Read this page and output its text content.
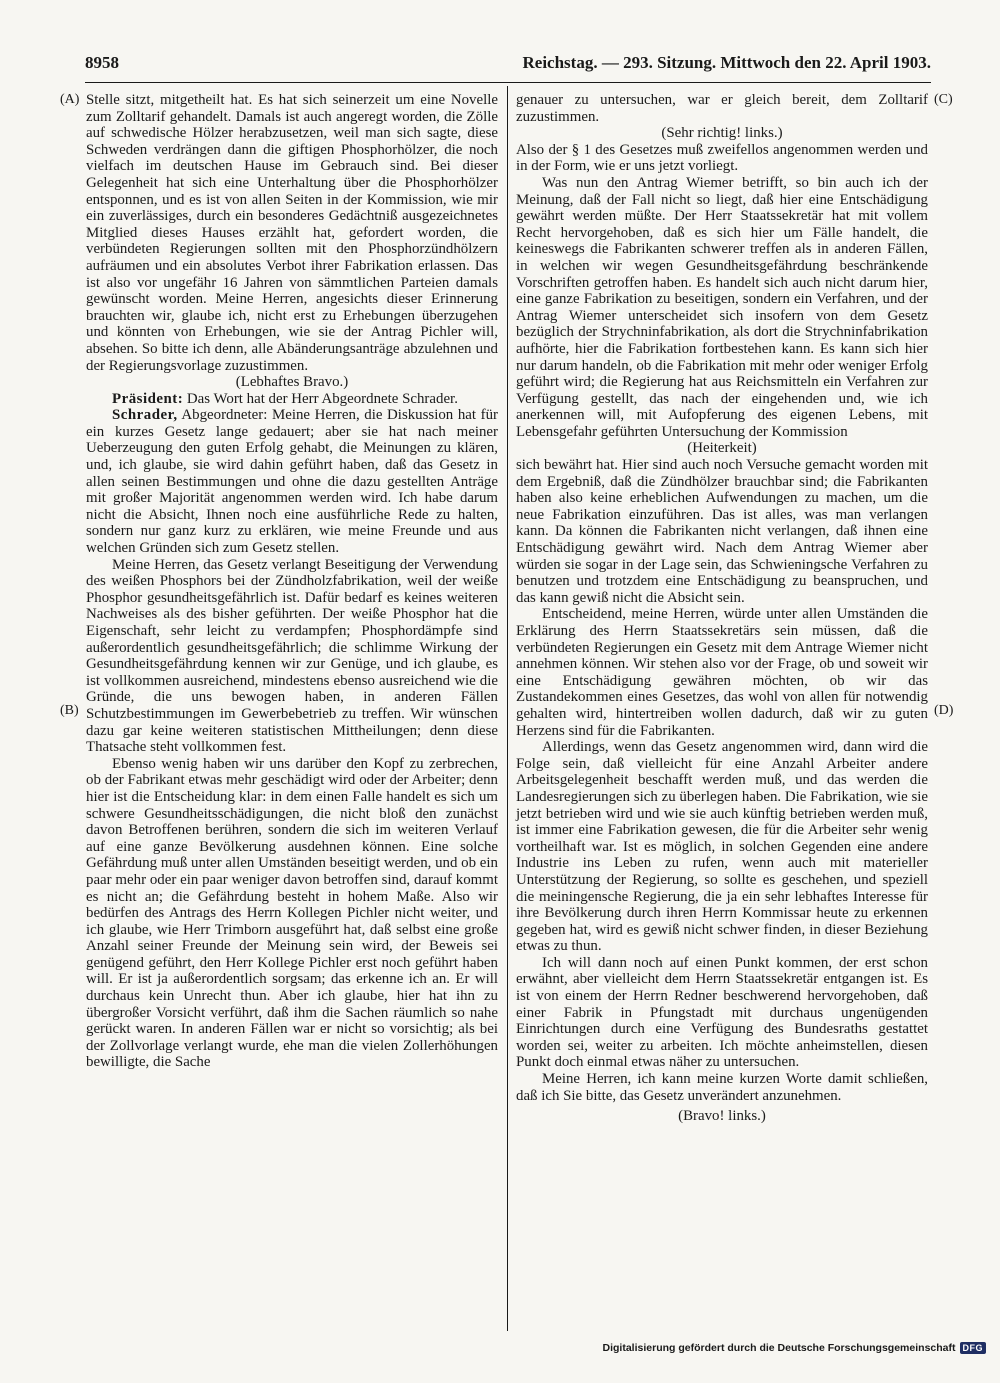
8958	Reichstag. — 293. Sitzung. Mittwoch den 22. April 1903.
(A)
(B)
(C)
(D)

Stelle sitzt, mitgetheilt hat. Es hat sich seinerzeit um eine Novelle zum Zolltarif gehandelt. Damals ist auch angeregt worden, die Zölle auf schwedische Hölzer herabzusetzen, weil man sich sagte, diese Schweden verdrängen dann die giftigen Phosphorhölzer, die noch vielfach im deutschen Hause im Gebrauch sind. Bei dieser Gelegenheit hat sich eine Unterhaltung über die Phosphorhölzer entsponnen, und es ist von allen Seiten in der Kommission, wie mir ein zuverlässiges, durch ein besonderes Gedächtniß ausgezeichnetes Mitglied dieses Hauses erzählt hat, gefordert worden, die verbündeten Regierungen sollten mit den Phosphorzündhölzern aufräumen und ein absolutes Verbot ihrer Fabrikation erlassen. Das ist also vor ungefähr 16 Jahren von sämmtlichen Parteien damals gewünscht worden. Meine Herren, angesichts dieser Erinnerung brauchten wir, glaube ich, nicht erst zu Erhebungen überzugehen und könnten von Erhebungen, wie sie der Antrag Pichler will, absehen. So bitte ich denn, alle Abänderungsanträge abzulehnen und der Regierungsvorlage zuzustimmen.

(Lebhaftes Bravo.)

Präsident: Das Wort hat der Herr Abgeordnete Schrader.

Schrader, Abgeordneter: Meine Herren, die Diskussion hat für ein kurzes Gesetz lange gedauert; aber sie hat nach meiner Ueberzeugung den guten Erfolg gehabt, die Meinungen zu klären, und, ich glaube, sie wird dahin geführt haben, daß das Gesetz in allen seinen Bestimmungen und ohne die dazu gestellten Anträge mit großer Majorität angenommen werden wird. Ich habe darum nicht die Absicht, Ihnen noch eine ausführliche Rede zu halten, sondern nur ganz kurz zu erklären, wie meine Freunde und aus welchen Gründen sich zum Gesetz stellen.

Meine Herren, das Gesetz verlangt Beseitigung der Verwendung des weißen Phosphors bei der Zündholzfabrikation, weil der weiße Phosphor gesundheitsgefährlich ist. Dafür bedarf es keines weiteren Nachweises als des bisher geführten. Der weiße Phosphor hat die Eigenschaft, sehr leicht zu verdampfen; Phosphordämpfe sind außerordentlich gesundheitsgefährlich; die schlimme Wirkung der Gesundheitsgefährdung kennen wir zur Genüge, und ich glaube, es ist vollkommen ausreichend, mindestens ebenso ausreichend wie die Gründe, die uns bewogen haben, in anderen Fällen Schutzbestimmungen im Gewerbebetrieb zu treffen. Wir wünschen dazu gar keine weiteren statistischen Mittheilungen; denn diese Thatsache steht vollkommen fest.

Ebenso wenig haben wir uns darüber den Kopf zu zerbrechen, ob der Fabrikant etwas mehr geschädigt wird oder der Arbeiter; denn hier ist die Entscheidung klar: in dem einen Falle handelt es sich um schwere Gesundheitsschädigungen, die nicht bloß den zunächst davon Betroffenen berühren, sondern die sich im weiteren Verlauf auf eine ganze Bevölkerung ausdehnen können. Eine solche Gefährdung muß unter allen Umständen beseitigt werden, und ob ein paar mehr oder ein paar weniger davon betroffen sind, darauf kommt es nicht an; die Gefährdung besteht in hohem Maße. Also wir bedürfen des Antrags des Herrn Kollegen Pichler nicht weiter, und ich glaube, wie Herr Trimborn ausgeführt hat, daß selbst eine große Anzahl seiner Freunde der Meinung sein wird, der Beweis sei genügend geführt, den Herr Kollege Pichler erst noch geführt haben will. Er ist ja außerordentlich sorgsam; das erkenne ich an. Er will durchaus kein Unrecht thun. Aber ich glaube, hier hat ihn zu übergroßer Vorsicht verführt, daß ihm die Sachen räumlich so nahe gerückt waren. In anderen Fällen war er nicht so vorsichtig; als bei der Zollvorlage verlangt wurde, ehe man die vielen Zollerhöhungen bewilligte, die Sache

genauer zu untersuchen, war er gleich bereit, dem Zolltarif zuzustimmen.

(Sehr richtig! links.)

Also der § 1 des Gesetzes muß zweifellos angenommen werden und in der Form, wie er uns jetzt vorliegt.

Was nun den Antrag Wiemer betrifft, so bin auch ich der Meinung, daß der Fall nicht so liegt, daß hier eine Entschädigung gewährt werden müßte. Der Herr Staatssekretär hat mit vollem Recht hervorgehoben, daß es sich hier um Fälle handelt, die keineswegs die Fabrikanten schwerer treffen als in anderen Fällen, in welchen wir wegen Gesundheitsgefährdung beschränkende Vorschriften getroffen haben. Es handelt sich auch nicht darum hier, eine ganze Fabrikation zu beseitigen, sondern ein Verfahren, und der Antrag Wiemer unterscheidet sich insofern von dem Gesetz bezüglich der Strychninfabrikation, als dort die Strychninfabrikation aufhörte, hier die Fabrikation fortbestehen kann. Es kann sich hier nur darum handeln, ob die Fabrikation mit mehr oder weniger Erfolg geführt wird; die Regierung hat aus Reichsmitteln ein Verfahren zur Verfügung gestellt, das nach der eingehenden und, wie ich anerkennen will, mit Aufopferung des eigenen Lebens, mit Lebensgefahr geführten Untersuchung der Kommission

(Heiterkeit)

sich bewährt hat. Hier sind auch noch Versuche gemacht worden mit dem Ergebniß, daß die Zündhölzer brauchbar sind; die Fabrikanten haben also keine erheblichen Aufwendungen zu machen, um die neue Fabrikation einzuführen. Das ist alles, was man verlangen kann. Da können die Fabrikanten nicht verlangen, daß ihnen eine Entschädigung gewährt wird. Nach dem Antrag Wiemer aber würden sie sogar in der Lage sein, das Schwieningsche Verfahren zu benutzen und trotzdem eine Entschädigung zu beanspruchen, und das kann gewiß nicht die Absicht sein.

Entscheidend, meine Herren, würde unter allen Umständen die Erklärung des Herrn Staatssekretärs sein müssen, daß die verbündeten Regierungen ein Gesetz mit dem Antrage Wiemer nicht annehmen können. Wir stehen also vor der Frage, ob und soweit wir eine Entschädigung gewähren möchten, ob wir das Zustandekommen eines Gesetzes, das wohl von allen für notwendig gehalten wird, hintertreiben wollen dadurch, daß wir zu guten Herzens sind für die Fabrikanten.

Allerdings, wenn das Gesetz angenommen wird, dann wird die Folge sein, daß vielleicht für eine Anzahl Arbeiter andere Arbeitsgelegenheit beschafft werden muß, und das werden die Landesregierungen sich zu überlegen haben. Die Fabrikation, wie sie jetzt betrieben wird und wie sie auch künftig betrieben werden muß, ist immer eine Fabrikation gewesen, die für die Arbeiter sehr wenig vortheilhaft war. Ist es möglich, in solchen Gegenden eine andere Industrie ins Leben zu rufen, wenn auch mit materieller Unterstützung der Regierung, so sollte es geschehen, und speziell die meiningensche Regierung, die ja ein sehr lebhaftes Interesse für ihre Bevölkerung durch ihren Herrn Kommissar heute zu erkennen gegeben hat, wird es gewiß nicht schwer finden, in dieser Beziehung etwas zu thun.

Ich will dann noch auf einen Punkt kommen, der erst schon erwähnt, aber vielleicht dem Herrn Staatssekretär entgangen ist. Es ist von einem der Herrn Redner beschwerend hervorgehoben, daß einer Fabrik in Pfungstadt mit durchaus ungenügenden Einrichtungen durch eine Verfügung des Bundesraths gestattet worden sei, weiter zu arbeiten. Ich möchte anheimstellen, diesen Punkt doch einmal etwas näher zu untersuchen.

Meine Herren, ich kann meine kurzen Worte damit schließen, daß ich Sie bitte, das Gesetz unverändert anzunehmen.

(Bravo! links.)

Digitalisierung gefördert durch die Deutsche Forschungsgemeinschaft DFG
